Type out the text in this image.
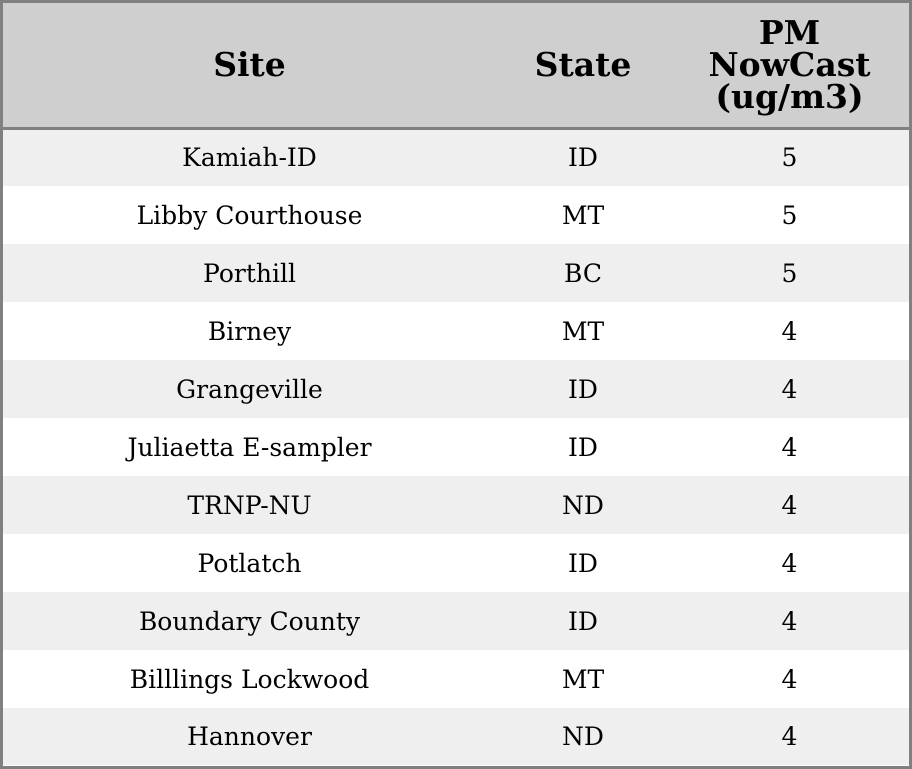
Site	State	PM
NowCast
(ug/m3)

Kamiah-ID	ID	5
Libby Courthouse	MT	5
Porthill	BC	5
Birney	MT	4
Grangeville	ID	4
Juliaetta E-sampler	ID	4
TRNP-NU	ND	4
Potlatch	ID	4
Boundary County	ID	4
Billlings Lockwood	MT	4
Hannover	ND	4
